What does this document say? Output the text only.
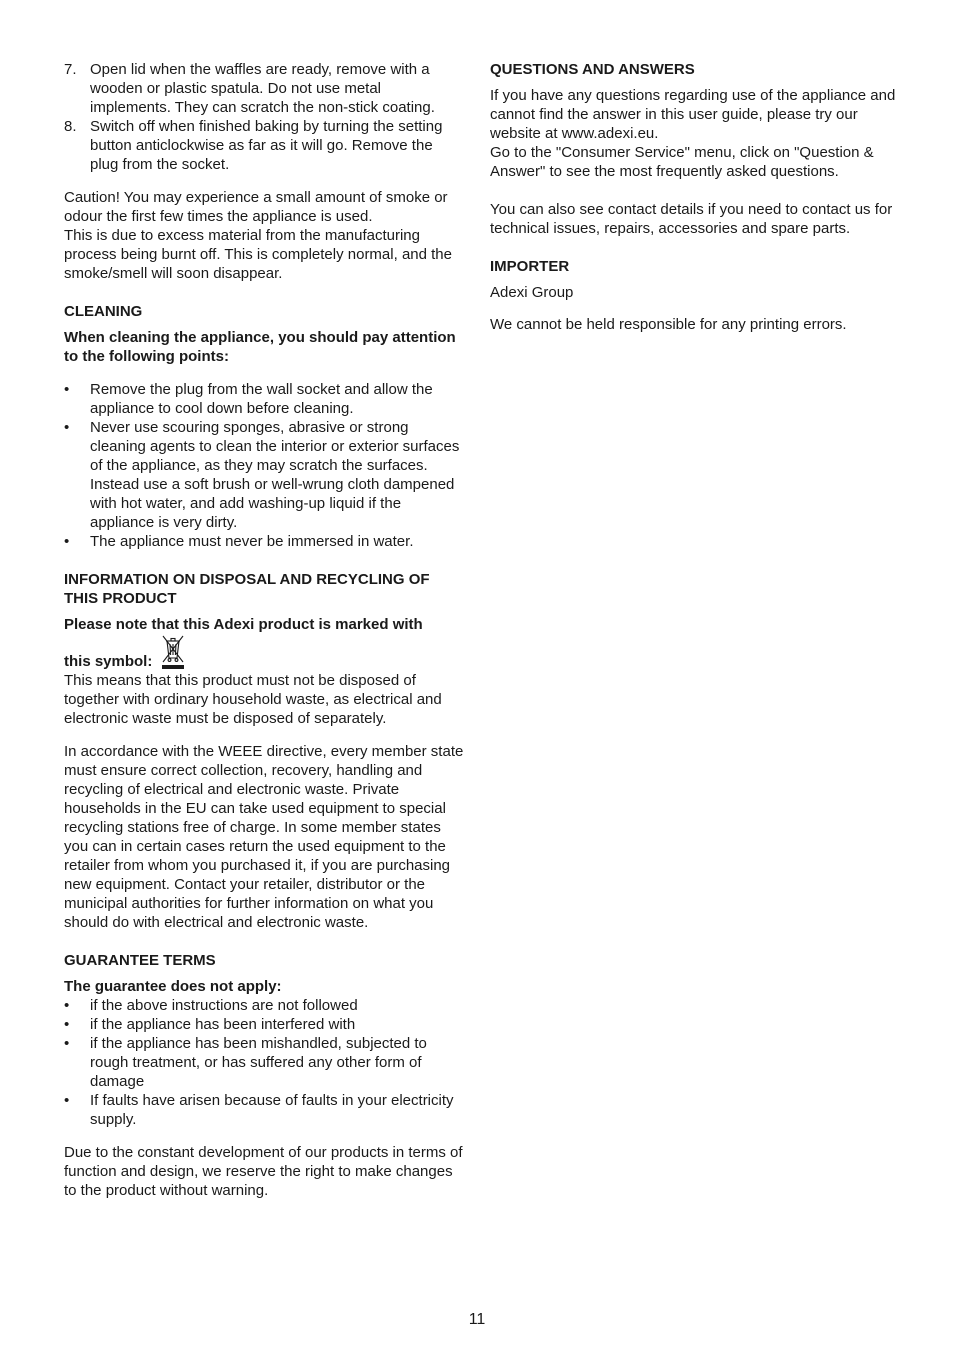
7. Open lid when the waffles are ready, remove with a wooden or plastic spatula. Do not use metal implements. They can scratch the non-stick coating.
8. Switch off when finished baking by turning the setting button anticlockwise as far as it will go. Remove the plug from the socket.

Caution! You may experience a small amount of smoke or odour the first few times the appliance is used.

This is due to excess material from the manufacturing process being burnt off. This is completely normal, and the smoke/smell will soon disappear.

CLEANING

When cleaning the appliance, you should pay attention to the following points:

• Remove the plug from the wall socket and allow the appliance to cool down before cleaning.
• Never use scouring sponges, abrasive or strong cleaning agents to clean the interior or exterior surfaces of the appliance, as they may scratch the surfaces. Instead use a soft brush or well-wrung cloth dampened with hot water, and add washing-up liquid if the appliance is very dirty.
• The appliance must never be immersed in water.

INFORMATION ON DISPOSAL AND RECYCLING OF THIS PRODUCT

Please note that this Adexi product is marked with

this symbol:

This means that this product must not be disposed of together with ordinary household waste, as electrical and electronic waste must be disposed of separately.

In accordance with the WEEE directive, every member state must ensure correct collection, recovery, handling and recycling of electrical and electronic waste. Private households in the EU can take used equipment to special recycling stations free of charge. In some member states you can in certain cases return the used equipment to the retailer from whom you purchased it, if you are purchasing new equipment. Contact your retailer, distributor or the municipal authorities for further information on what you should do with electrical and electronic waste.

GUARANTEE TERMS

The guarantee does not apply:

• if the above instructions are not followed
• if the appliance has been interfered with
• if the appliance has been mishandled, subjected to rough treatment, or has suffered any other form of damage
• If faults have arisen because of faults in your electricity supply.

Due to the constant development of our products in terms of function and design, we reserve the right to make changes to the product without warning.

QUESTIONS AND ANSWERS

If you have any questions regarding use of the appliance and cannot find the answer in this user guide, please try our website at www.adexi.eu.

Go to the "Consumer Service" menu, click on "Question & Answer" to see the most frequently asked questions.

You can also see contact details if you need to contact us for technical issues, repairs, accessories and spare parts.

IMPORTER

Adexi Group

We cannot be held responsible for any printing errors.

11
